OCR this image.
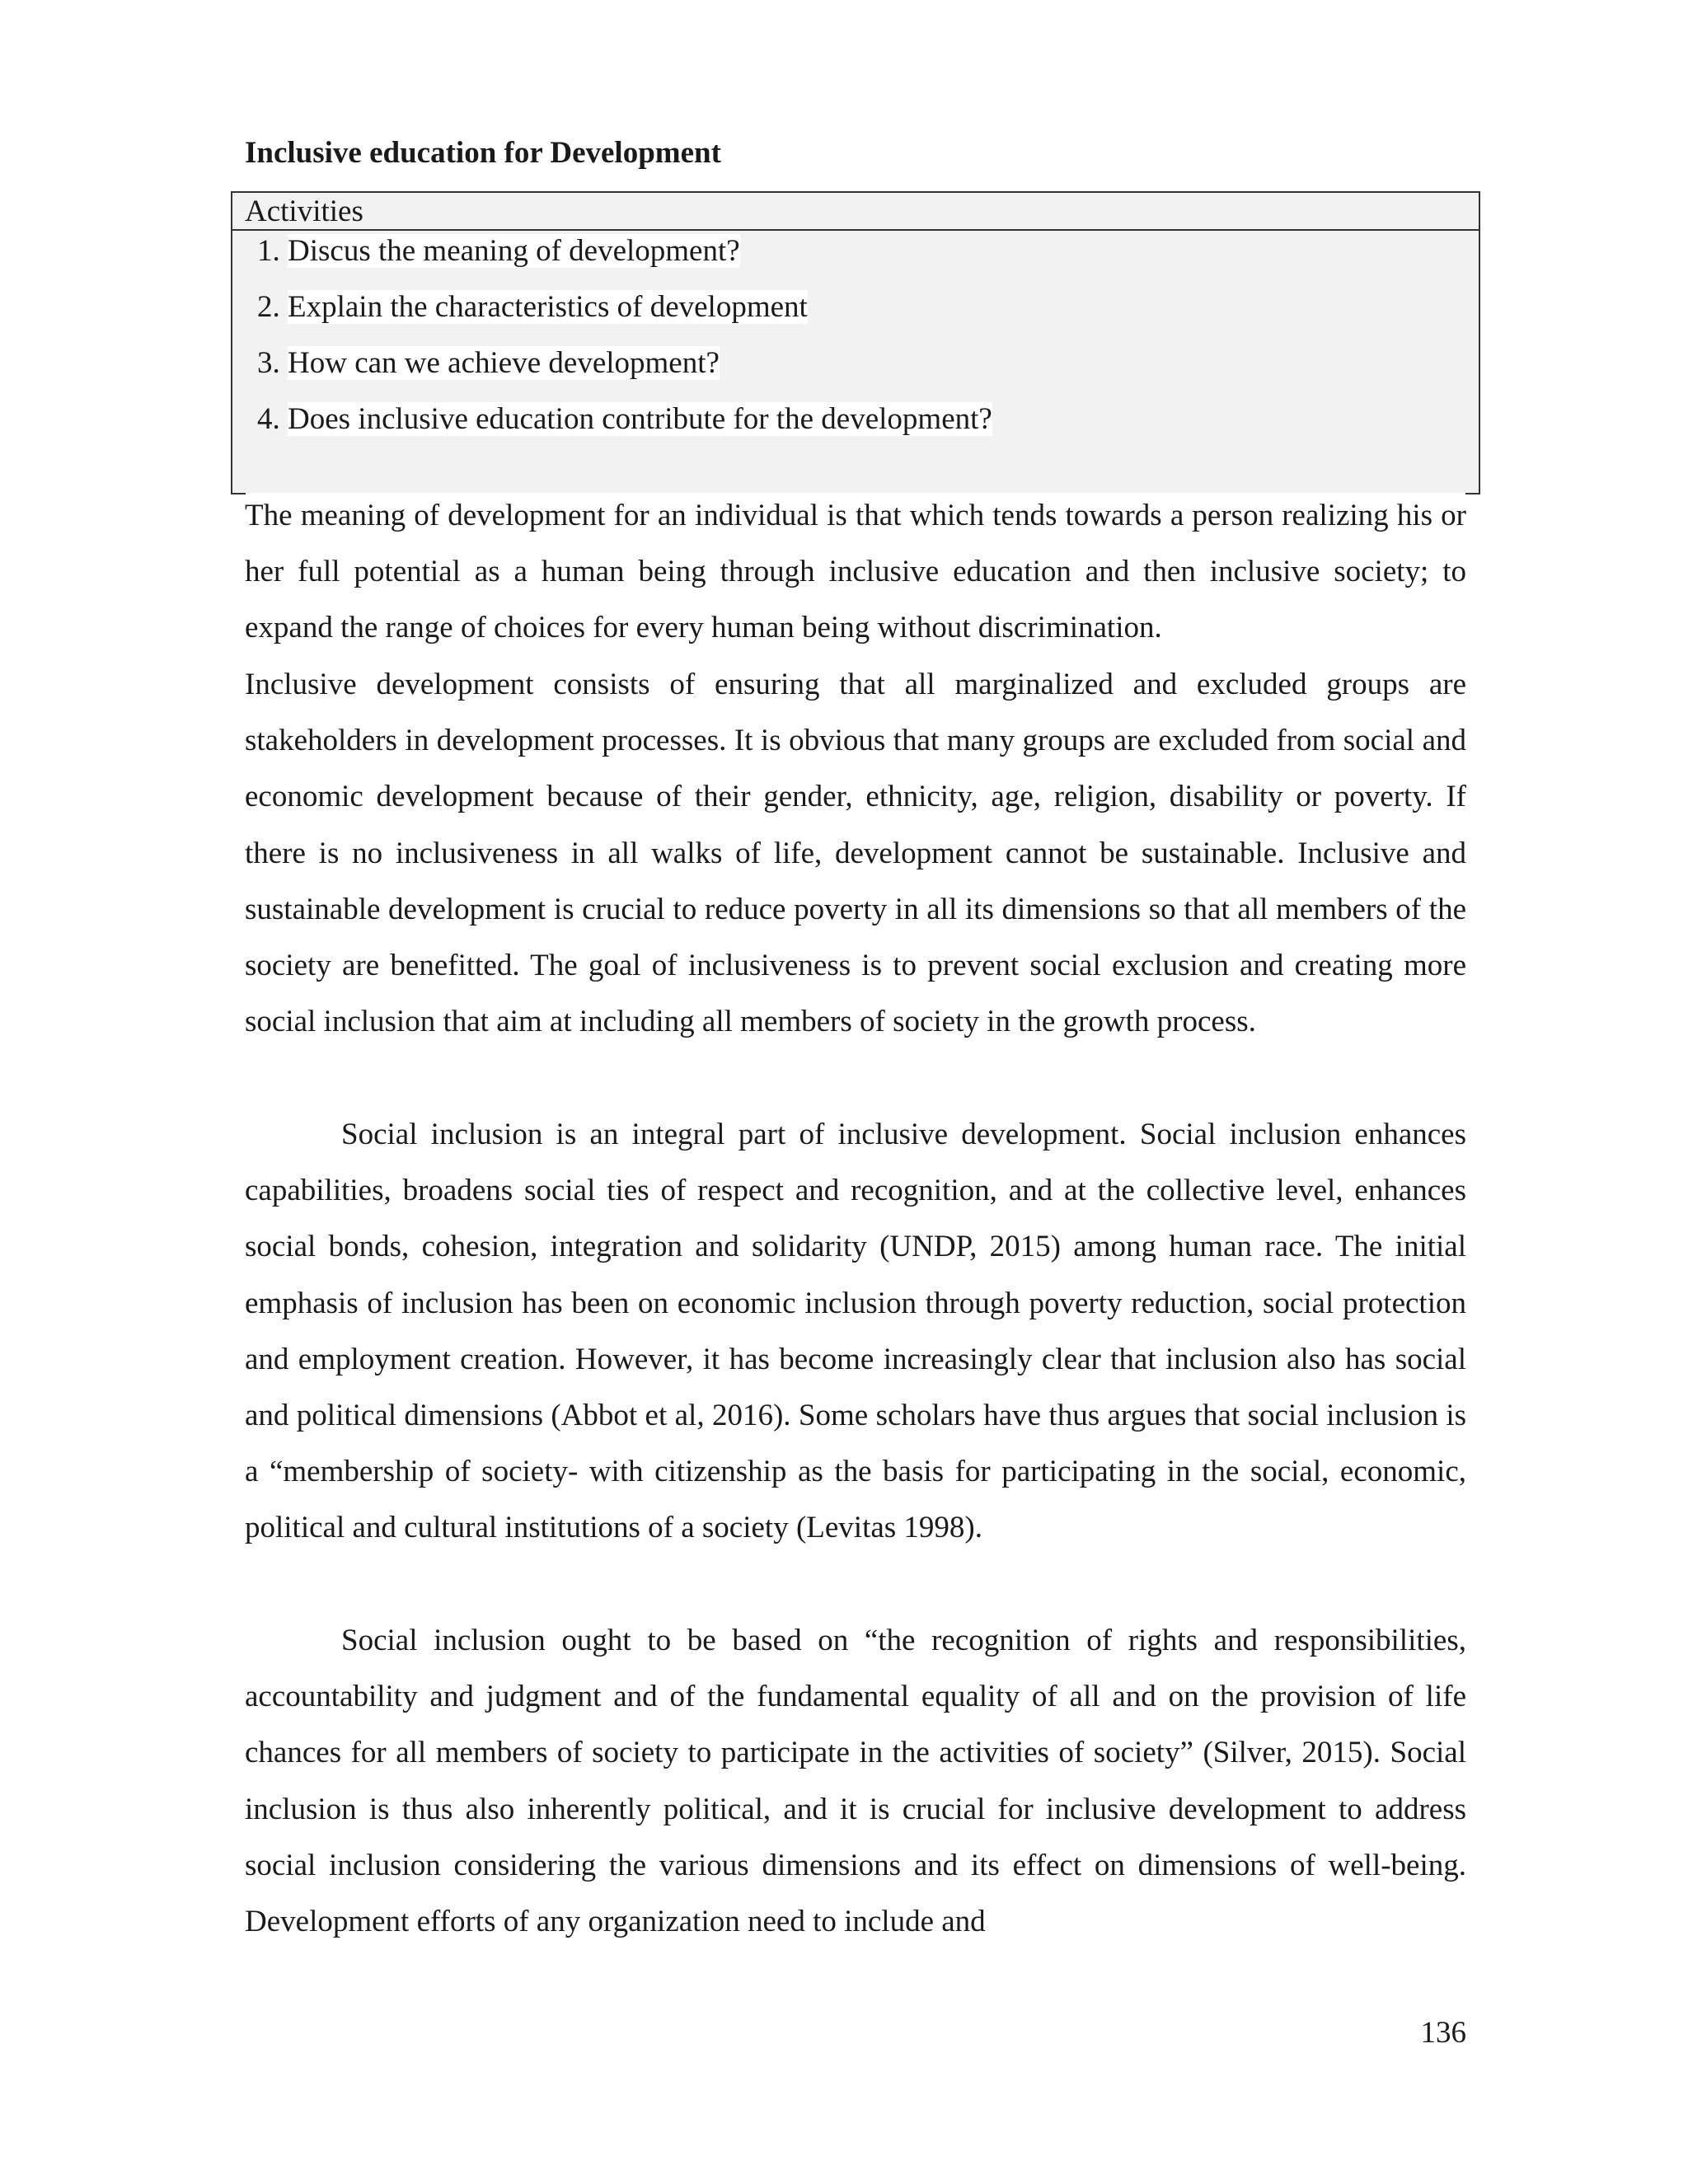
Inclusive education for Development
Activities
1. Discus the meaning of development?
2. Explain the characteristics of development
3. How can we achieve development?
4. Does inclusive education contribute for the development?

The meaning of development for an individual is that which tends towards a person realizing his or her full potential as a human being through inclusive education and then inclusive society; to expand the range of choices for every human being without discrimination.

Inclusive development consists of ensuring that all marginalized and excluded groups are stakeholders in development processes. It is obvious that many groups are excluded from social and economic development because of their gender, ethnicity, age, religion, disability or poverty. If there is no inclusiveness in all walks of life, development cannot be sustainable. Inclusive and sustainable development is crucial to reduce poverty in all its dimensions so that all members of the society are benefitted. The goal of inclusiveness is to prevent social exclusion and creating more social inclusion that aim at including all members of society in the growth process.

Social inclusion is an integral part of inclusive development. Social inclusion enhances capabilities, broadens social ties of respect and recognition, and at the collective level, enhances social bonds, cohesion, integration and solidarity (UNDP, 2015) among human race. The initial emphasis of inclusion has been on economic inclusion through poverty reduction, social protection and employment creation. However, it has become increasingly clear that inclusion also has social and political dimensions (Abbot et al, 2016). Some scholars have thus argues that social inclusion is a “membership of society- with citizenship as the basis for participating in the social, economic, political and cultural institutions of a society (Levitas 1998).

Social inclusion ought to be based on “the recognition of rights and responsibilities, accountability and judgment and of the fundamental equality of all and on the provision of life chances for all members of society to participate in the activities of society” (Silver, 2015). Social inclusion is thus also inherently political, and it is crucial for inclusive development to address social inclusion considering the various dimensions and its effect on dimensions of well-being. Development efforts of any organization need to include and

136
